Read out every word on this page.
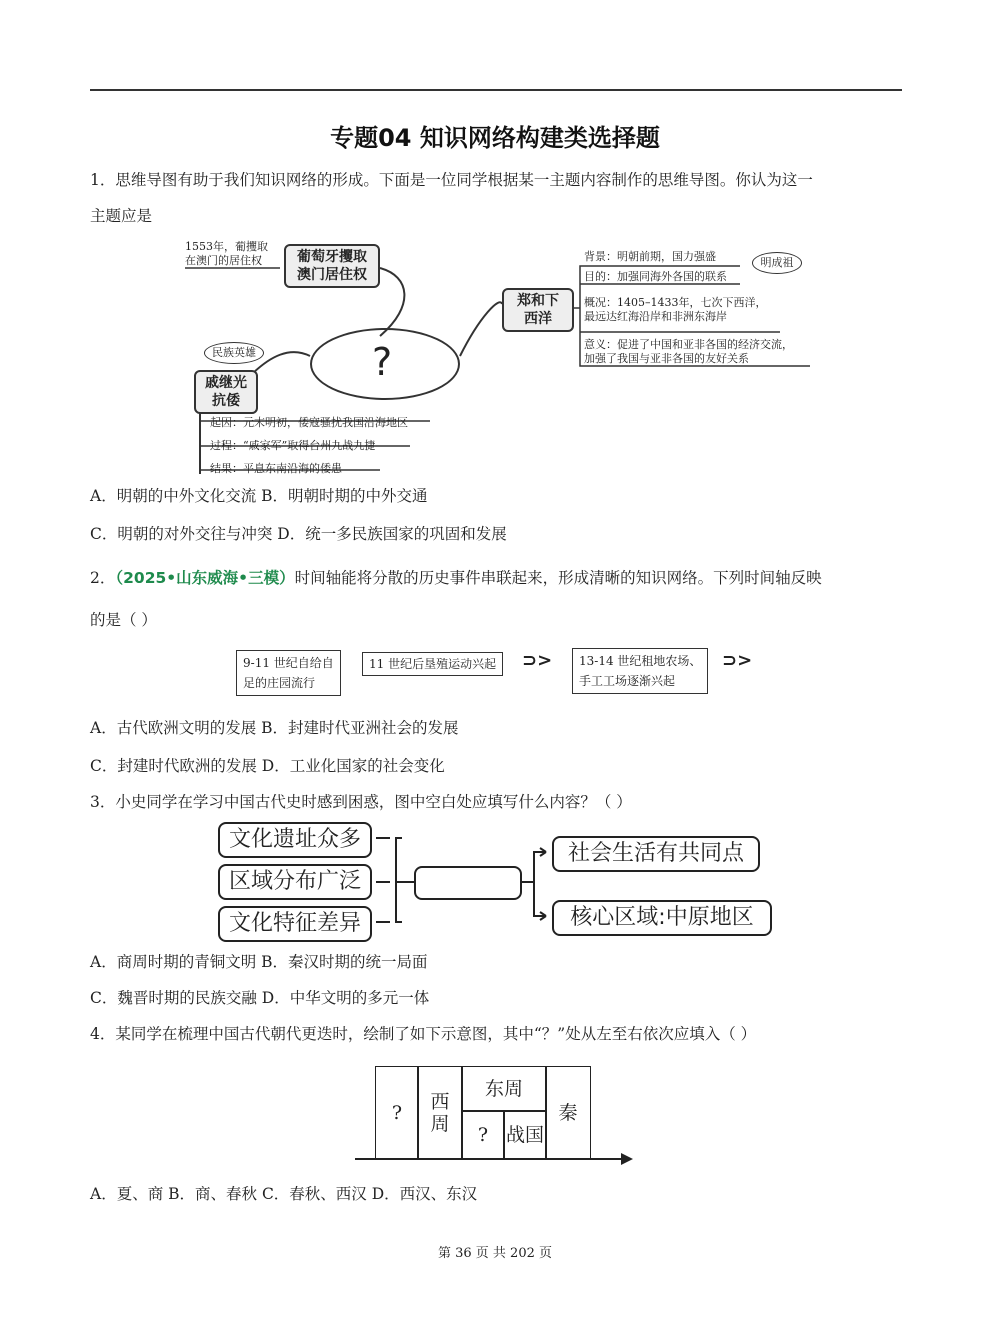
专题04 知识网络构建类选择题
1．思维导图有助于我们知识网络的形成。下面是一位同学根据某一主题内容制作的思维导图。你认为这一
主题应是
1553年，葡攫取
在澳门的居住权	葡萄牙攫取
澳门居住权
?
郑和下
西洋
背景：明朝前期，国力强盛
目的：加强同海外各国的联系
概况：1405–1433年，七次下西洋，
最远达红海沿岸和非洲东海岸
意义：促进了中国和亚非各国的经济交流，
加强了我国与亚非各国的友好关系
明成祖
民族英雄
戚继光
抗倭
起因：元末明初，倭寇骚扰我国沿海地区
过程：“戚家军”取得台州九战九捷
结果：平息东南沿海的倭患
A．明朝的中外文化交流 B．明朝时期的中外交通
C．明朝的对外交往与冲突 D．统一多民族国家的巩固和发展
2．（2025•山东威海•三模）时间轴能将分散的历史事件串联起来，形成清晰的知识网络。下列时间轴反映
的是（ ）
9-11 世纪自给自
足的庄园流行
11 世纪后垦殖运动兴起	⊃>	13-14 世纪租地农场、
手工工场逐渐兴起
⊃>
A．古代欧洲文明的发展 B．封建时代亚洲社会的发展
C．封建时代欧洲的发展 D．工业化国家的社会变化
3．小史同学在学习中国古代史时感到困惑，图中空白处应填写什么内容？（ ）
文化遗址众多
区域分布广泛
文化特征差异
社会生活有共同点
核心区域:中原地区
A．商周时期的青铜文明 B．秦汉时期的统一局面
C．魏晋时期的民族交融 D．中华文明的多元一体
4．某同学在梳理中国古代朝代更迭时，绘制了如下示意图，其中“？”处从左至右依次应填入（ ）
?	西
周
东周
? 战国
秦
A．夏、商 B．商、春秋 C．春秋、西汉 D．西汉、东汉
第 36 页 共 202 页
